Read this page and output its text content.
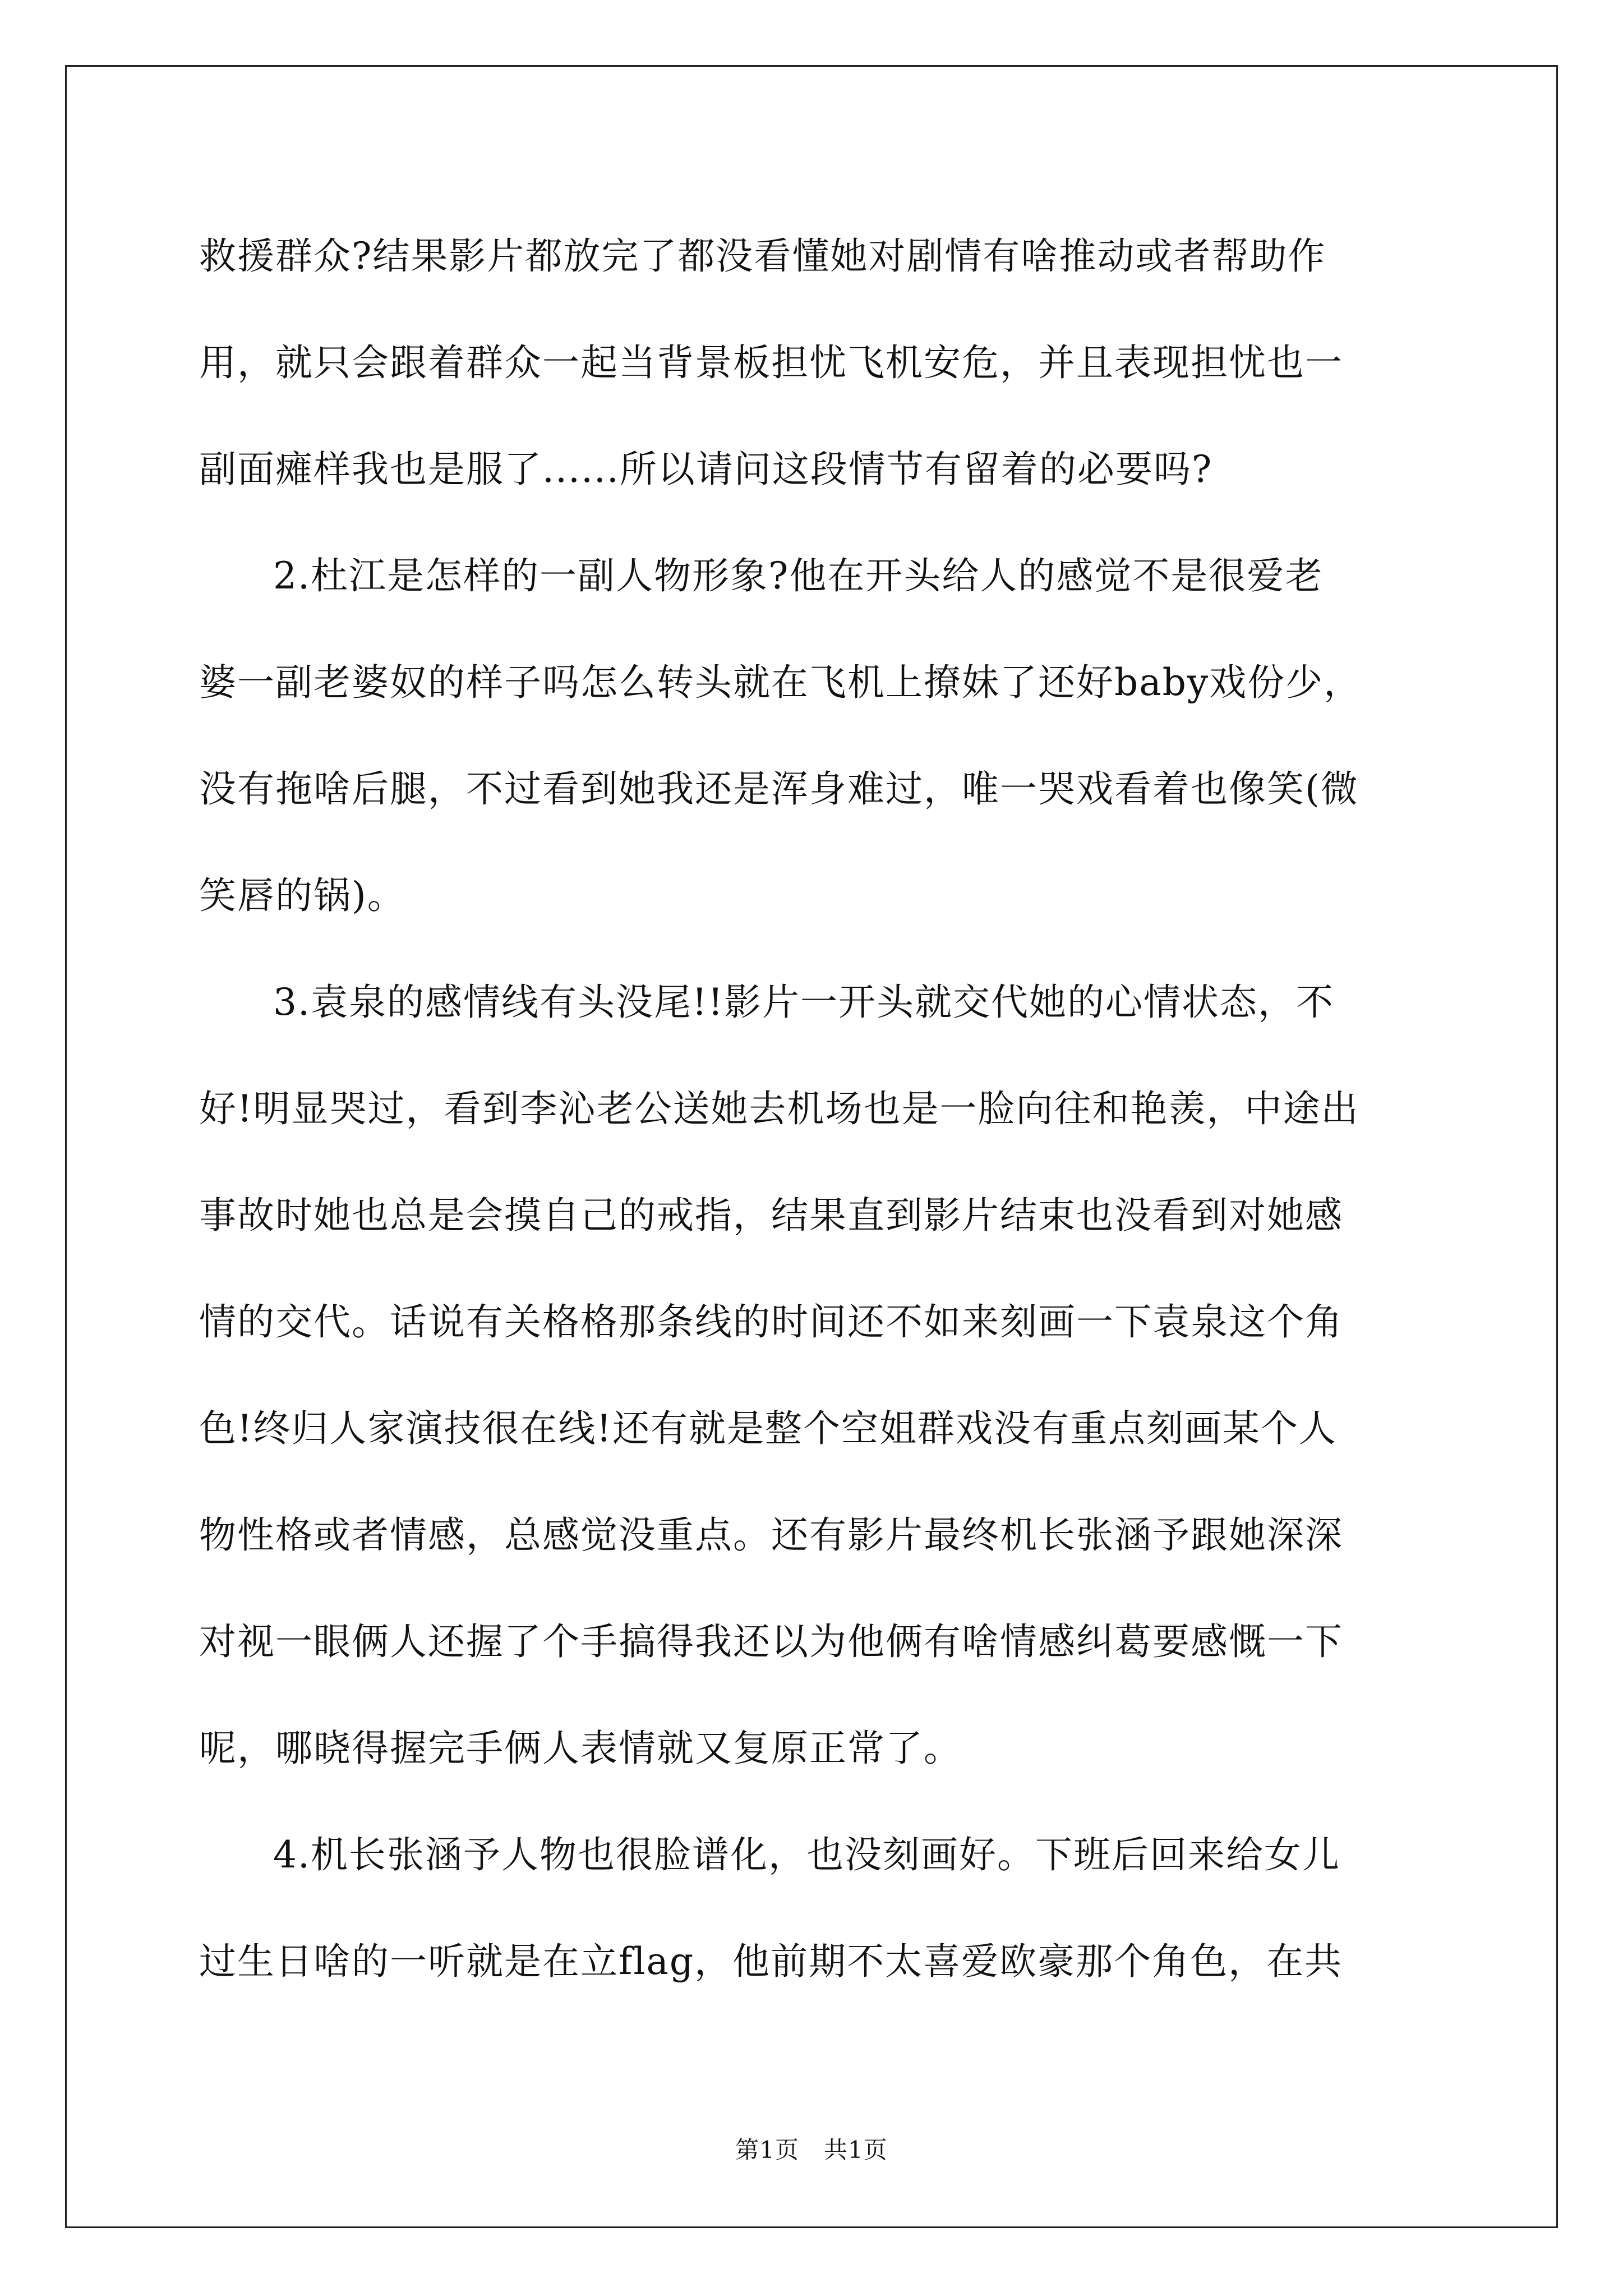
救援群众?结果影片都放完了都没看懂她对剧情有啥推动或者帮助作
用，就只会跟着群众一起当背景板担忧飞机安危，并且表现担忧也一
副面瘫样我也是服了......所以请问这段情节有留着的必要吗?

2.杜江是怎样的一副人物形象?他在开头给人的感觉不是很爱老
婆一副老婆奴的样子吗怎么转头就在飞机上撩妹了还好baby戏份少，
没有拖啥后腿，不过看到她我还是浑身难过，唯一哭戏看着也像笑(微
笑唇的锅)。

3.袁泉的感情线有头没尾!!影片一开头就交代她的心情状态，不
好!明显哭过，看到李沁老公送她去机场也是一脸向往和艳羡，中途出
事故时她也总是会摸自己的戒指，结果直到影片结束也没看到对她感
情的交代。话说有关格格那条线的时间还不如来刻画一下袁泉这个角
色!终归人家演技很在线!还有就是整个空姐群戏没有重点刻画某个人
物性格或者情感，总感觉没重点。还有影片最终机长张涵予跟她深深
对视一眼俩人还握了个手搞得我还以为他俩有啥情感纠葛要感慨一下
呢，哪晓得握完手俩人表情就又复原正常了。

4.机长张涵予人物也很脸谱化，也没刻画好。下班后回来给女儿
过生日啥的一听就是在立flag，他前期不太喜爱欧豪那个角色，在共

第1页 共1页
